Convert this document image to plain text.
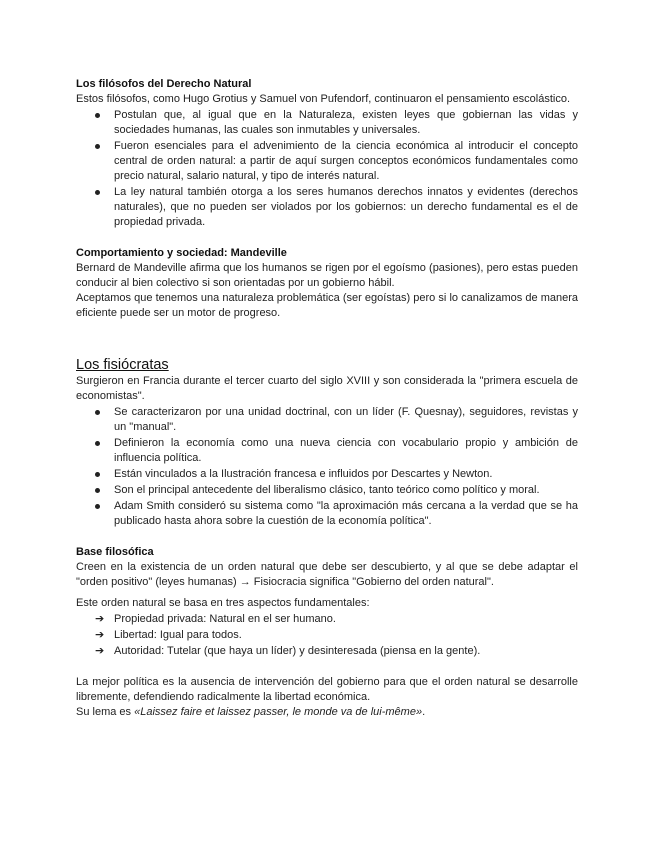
Los filósofos del Derecho Natural

Estos filósofos, como Hugo Grotius y Samuel von Pufendorf, continuaron el pensamiento escolástico.

Postulan que, al igual que en la Naturaleza, existen leyes que gobiernan las vidas y sociedades humanas, las cuales son inmutables y universales.
Fueron esenciales para el advenimiento de la ciencia económica al introducir el concepto central de orden natural: a partir de aquí surgen conceptos económicos fundamentales como precio natural, salario natural, y tipo de interés natural.
La ley natural también otorga a los seres humanos derechos innatos y evidentes (derechos naturales), que no pueden ser violados por los gobiernos: un derecho fundamental es el de propiedad privada.
Comportamiento y sociedad: Mandeville

Bernard de Mandeville afirma que los humanos se rigen por el egoísmo (pasiones), pero estas pueden conducir al bien colectivo si son orientadas por un gobierno hábil.

Aceptamos que tenemos una naturaleza problemática (ser egoístas) pero si lo canalizamos de manera eficiente puede ser un motor de progreso.

Los fisiócratas

Surgieron en Francia durante el tercer cuarto del siglo XVIII y son considerada la "primera escuela de economistas".

Se caracterizaron por una unidad doctrinal, con un líder (F. Quesnay), seguidores, revistas y un "manual".
Definieron la economía como una nueva ciencia con vocabulario propio y ambición de influencia política.
Están vinculados a la Ilustración francesa e influidos por Descartes y Newton.
Son el principal antecedente del liberalismo clásico, tanto teórico como político y moral.
Adam Smith consideró su sistema como "la aproximación más cercana a la verdad que se ha publicado hasta ahora sobre la cuestión de la economía política".
Base filosófica

Creen en la existencia de un orden natural que debe ser descubierto, y al que se debe adaptar el "orden positivo" (leyes humanas) → Fisiocracia significa "Gobierno del orden natural".

Este orden natural se basa en tres aspectos fundamentales:

➔ Propiedad privada: Natural en el ser humano.
➔ Libertad: Igual para todos.
➔ Autoridad: Tutelar (que haya un líder) y desinteresada (piensa en la gente).

La mejor política es la ausencia de intervención del gobierno para que el orden natural se desarrolle libremente, defendiendo radicalmente la libertad económica.

Su lema es «Laissez faire et laissez passer, le monde va de lui-même».
